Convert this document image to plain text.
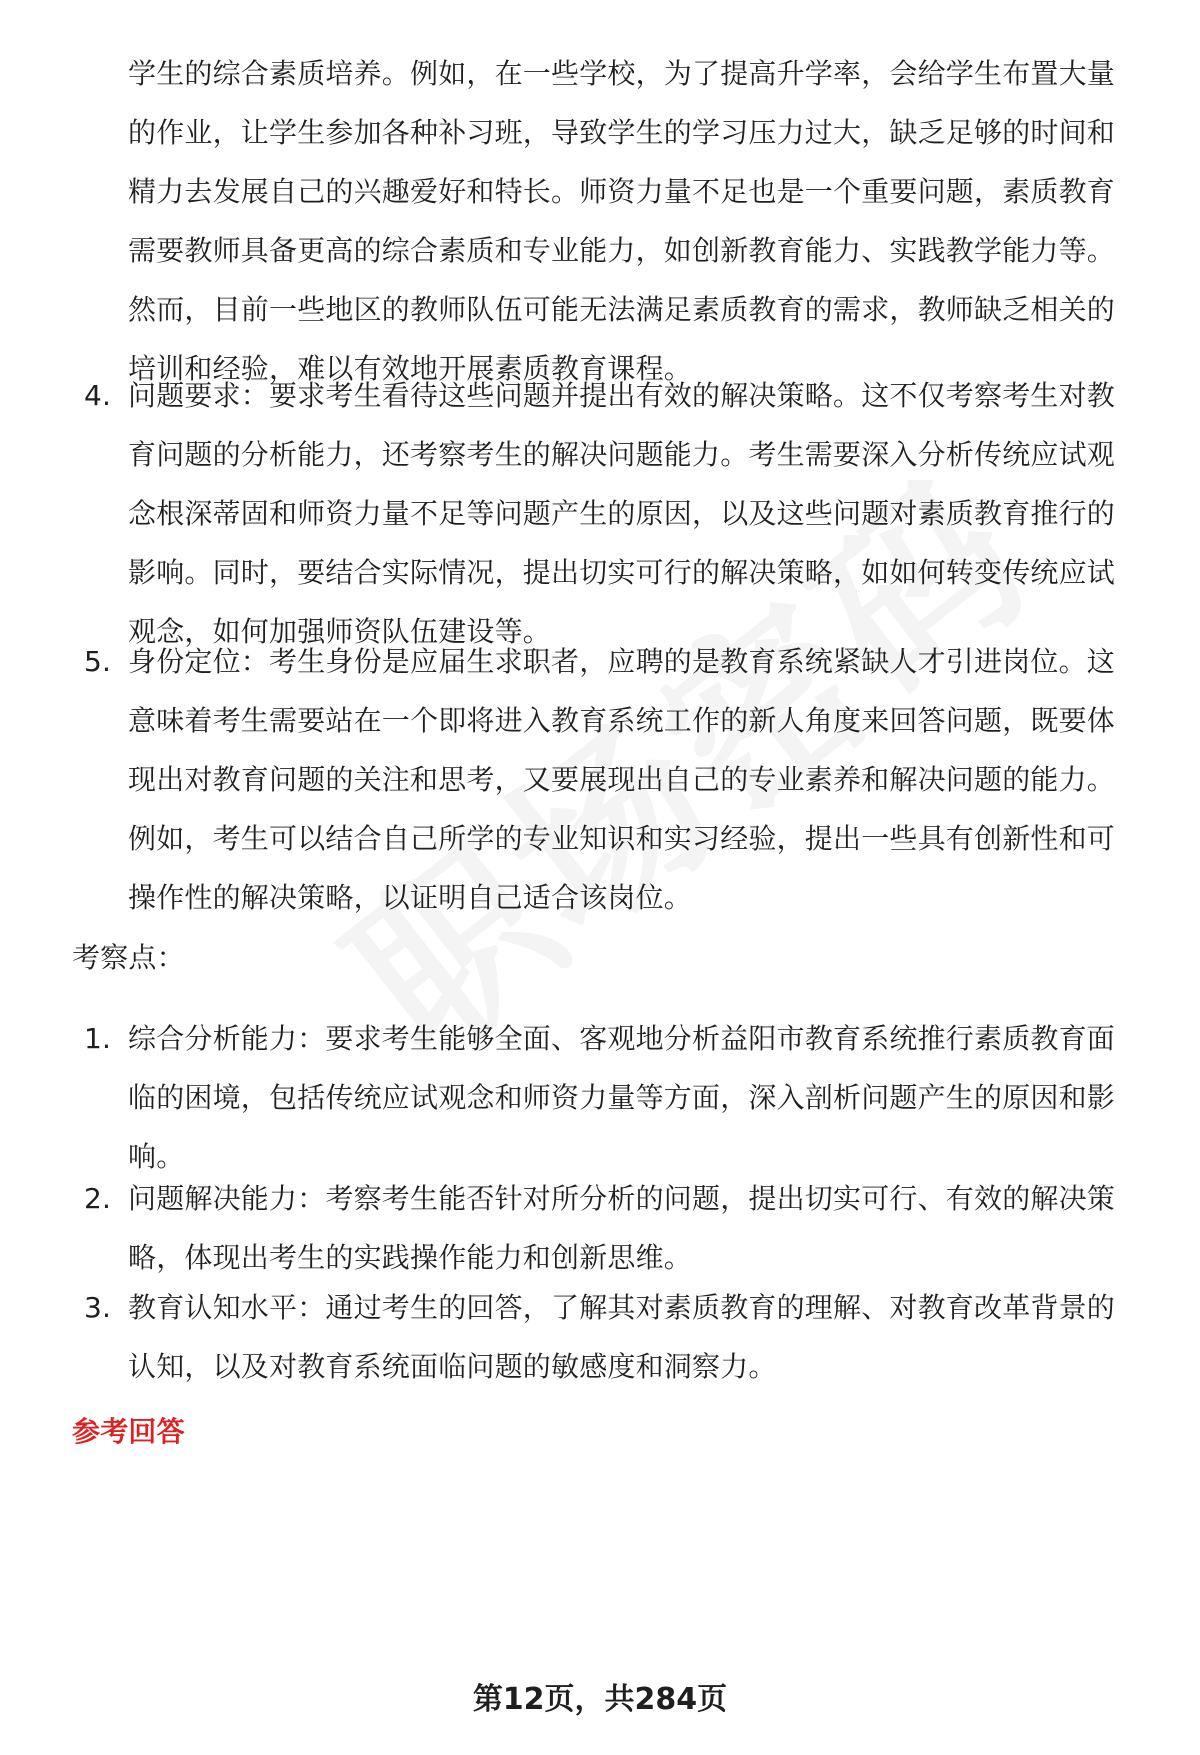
学生的综合素质培养。例如，在一些学校，为了提高升学率，会给学生布置大量的作业，让学生参加各种补习班，导致学生的学习压力过大，缺乏足够的时间和精力去发展自己的兴趣爱好和特长。师资力量不足也是一个重要问题，素质教育需要教师具备更高的综合素质和专业能力，如创新教育能力、实践教学能力等。然而，目前一些地区的教师队伍可能无法满足素质教育的需求，教师缺乏相关的培训和经验，难以有效地开展素质教育课程。
4. 问题要求：要求考生看待这些问题并提出有效的解决策略。这不仅考察考生对教育问题的分析能力，还考察考生的解决问题能力。考生需要深入分析传统应试观念根深蒂固和师资力量不足等问题产生的原因，以及这些问题对素质教育推行的影响。同时，要结合实际情况，提出切实可行的解决策略，如如何转变传统应试观念，如何加强师资队伍建设等。
5. 身份定位：考生身份是应届生求职者，应聘的是教育系统紧缺人才引进岗位。这意味着考生需要站在一个即将进入教育系统工作的新人角度来回答问题，既要体现出对教育问题的关注和思考，又要展现出自己的专业素养和解决问题的能力。例如，考生可以结合自己所学的专业知识和实习经验，提出一些具有创新性和可操作性的解决策略，以证明自己适合该岗位。
考察点：
1. 综合分析能力：要求考生能够全面、客观地分析益阳市教育系统推行素质教育面临的困境，包括传统应试观念和师资力量等方面，深入剖析问题产生的原因和影响。
2. 问题解决能力：考察考生能否针对所分析的问题，提出切实可行、有效的解决策略，体现出考生的实践操作能力和创新思维。
3. 教育认知水平：通过考生的回答，了解其对素质教育的理解、对教育改革背景的认知，以及对教育系统面临问题的敏感度和洞察力。
参考回答
第12页，共284页
